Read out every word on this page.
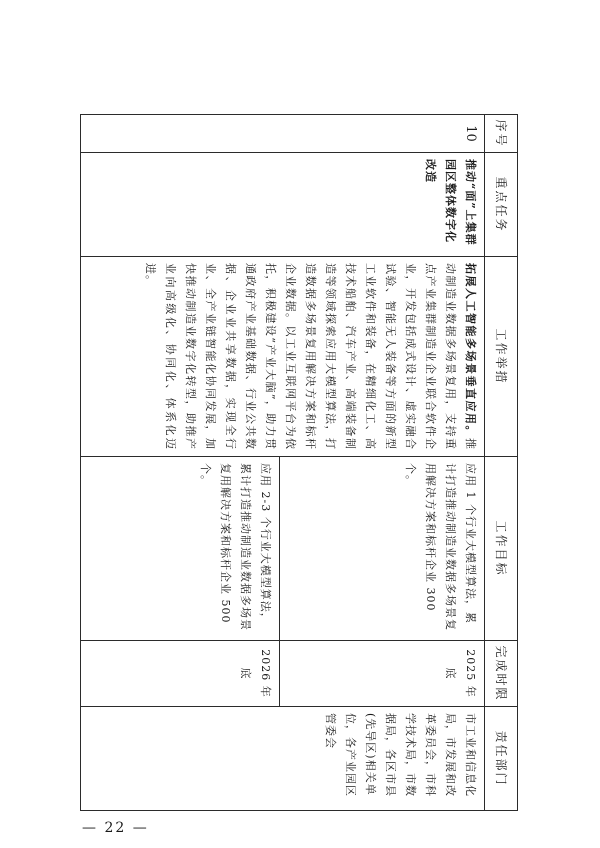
序号	重点任务	工作举措	工作目标	完成时限	责任部门
10	推动“面”上集群园区整体数字化改造	拓展人工智能多场景垂直应用。推动制造业数据多场景复用，支持重点产业集群制造业企业联合软件企业，开发包括成式设计、虚实融合试验、智能无人装备等方面的新型工业软件和装备，在精细化工、高技术船舶、汽车产业、高端装备制造等领域探索应用大模型算法，打造数据多场景复用解决方案和标杆企业数据。以工业互联网平台为依托，积极建设“产业大脑”，助力贯通政府产业基础数据、行业公共数据、企业业共享数据，实现全行业、全产业链智能化协同发展，加快推动制造业数字化转型，助推产业向高级化、协同化、体系化迈进。	应用 1 个行业大模型算法，累计打造推动制造业数据多场景复用解决方案和标杆企业 300 个。	2025 年底	市工业和信息化局，市发展和改革委员会，市科学技术局，市数据局，各区市县(先导区)相关单位，各产业园区管委会
			应用 2-3 个行业大模型算法，累计打造推动制造业数据多场景复用解决方案和标杆企业 500 个。	2026 年底	
— 22 —
